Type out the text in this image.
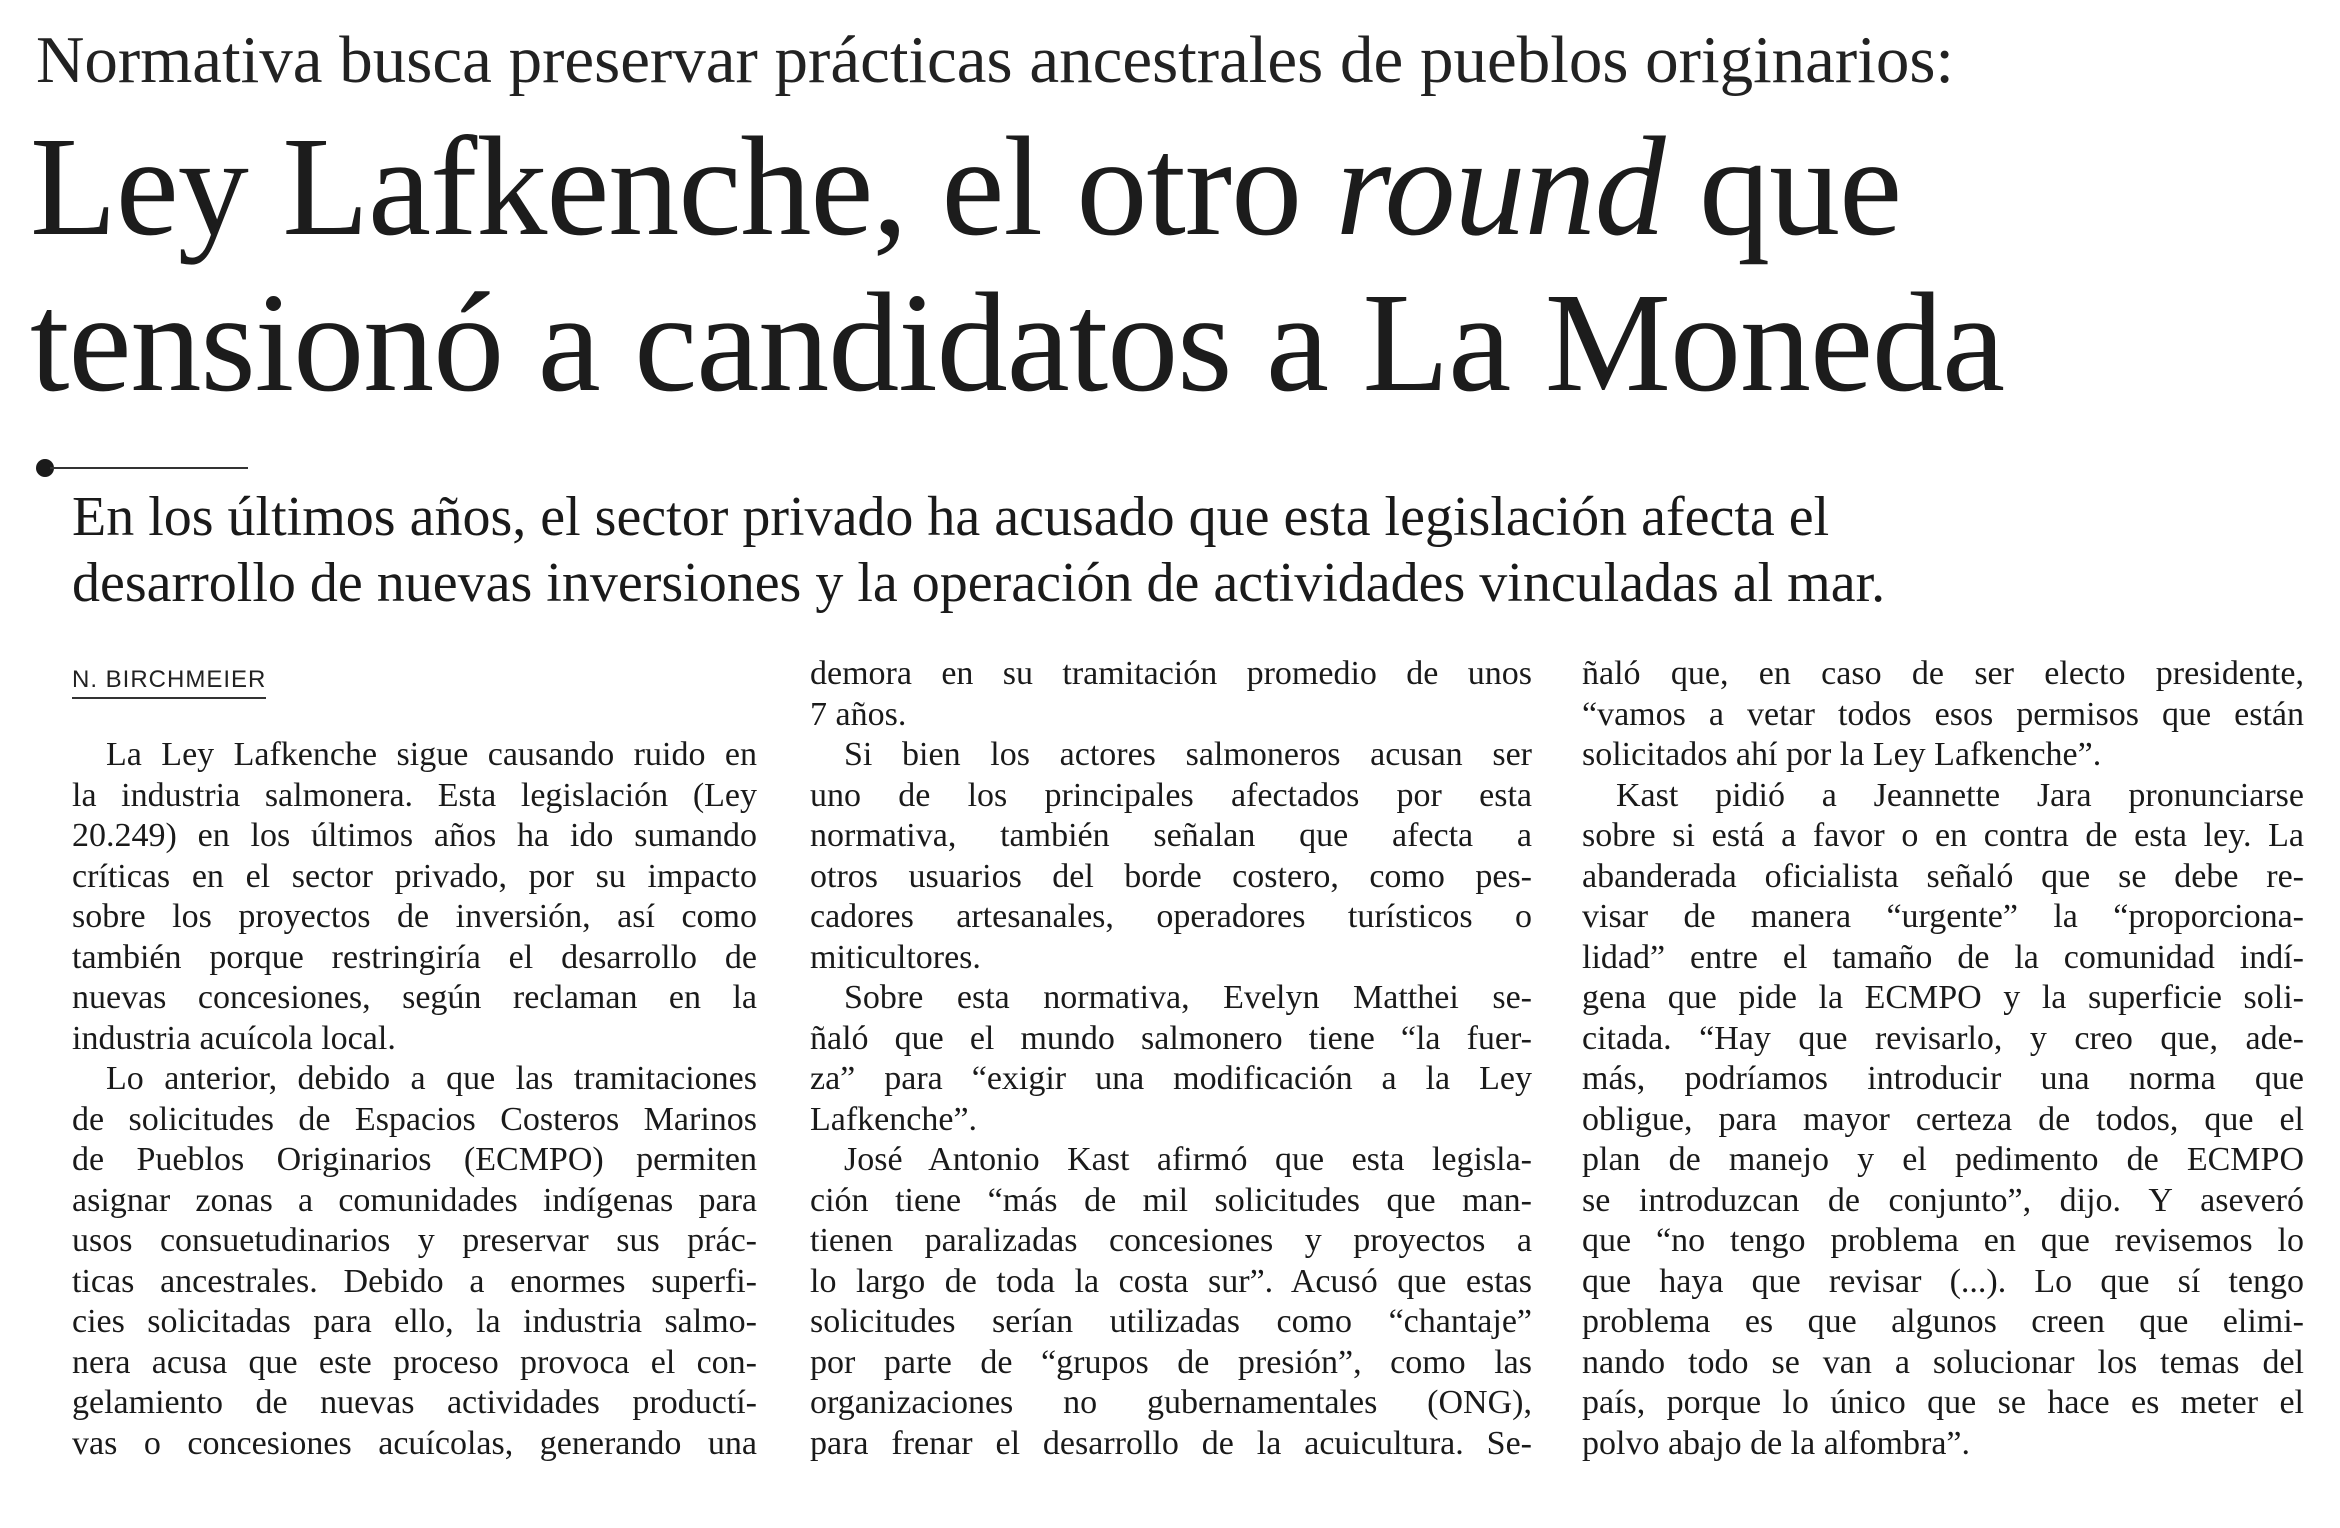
Normativa busca preservar prácticas ancestrales de pueblos originarios:
Ley Lafkenche, el otro round que
tensionó a candidatos a La Moneda
En los últimos años, el sector privado ha acusado que esta legislación afecta el
desarrollo de nuevas inversiones y la operación de actividades vinculadas al mar.
N. BIRCHMEIER
La Ley Lafkenche sigue causando ruido en
la industria salmonera. Esta legislación (Ley
20.249) en los últimos años ha ido sumando
críticas en el sector privado, por su impacto
sobre los proyectos de inversión, así como
también porque restringiría el desarrollo de
nuevas concesiones, según reclaman en la
industria acuícola local.
Lo anterior, debido a que las tramitaciones
de solicitudes de Espacios Costeros Marinos
de Pueblos Originarios (ECMPO) permiten
asignar zonas a comunidades indígenas para
usos consuetudinarios y preservar sus prác-
ticas ancestrales. Debido a enormes superfi-
cies solicitadas para ello, la industria salmo-
nera acusa que este proceso provoca el con-
gelamiento de nuevas actividades productí-
vas o concesiones acuícolas, generando una
demora en su tramitación promedio de unos
7 años.
Si bien los actores salmoneros acusan ser
uno de los principales afectados por esta
normativa, también señalan que afecta a
otros usuarios del borde costero, como pes-
cadores artesanales, operadores turísticos o
miticultores.
Sobre esta normativa, Evelyn Matthei se-
ñaló que el mundo salmonero tiene “la fuer-
za” para “exigir una modificación a la Ley
Lafkenche”.
José Antonio Kast afirmó que esta legisla-
ción tiene “más de mil solicitudes que man-
tienen paralizadas concesiones y proyectos a
lo largo de toda la costa sur”. Acusó que estas
solicitudes serían utilizadas como “chantaje”
por parte de “grupos de presión”, como las
organizaciones no gubernamentales (ONG),
para frenar el desarrollo de la acuicultura. Se-
ñaló que, en caso de ser electo presidente,
“vamos a vetar todos esos permisos que están
solicitados ahí por la Ley Lafkenche”.
Kast pidió a Jeannette Jara pronunciarse
sobre si está a favor o en contra de esta ley. La
abanderada oficialista señaló que se debe re-
visar de manera “urgente” la “proporciona-
lidad” entre el tamaño de la comunidad indí-
gena que pide la ECMPO y la superficie soli-
citada. “Hay que revisarlo, y creo que, ade-
más, podríamos introducir una norma que
obligue, para mayor certeza de todos, que el
plan de manejo y el pedimento de ECMPO
se introduzcan de conjunto”, dijo. Y aseveró
que “no tengo problema en que revisemos lo
que haya que revisar (...). Lo que sí tengo
problema es que algunos creen que elimi-
nando todo se van a solucionar los temas del
país, porque lo único que se hace es meter el
polvo abajo de la alfombra”.
